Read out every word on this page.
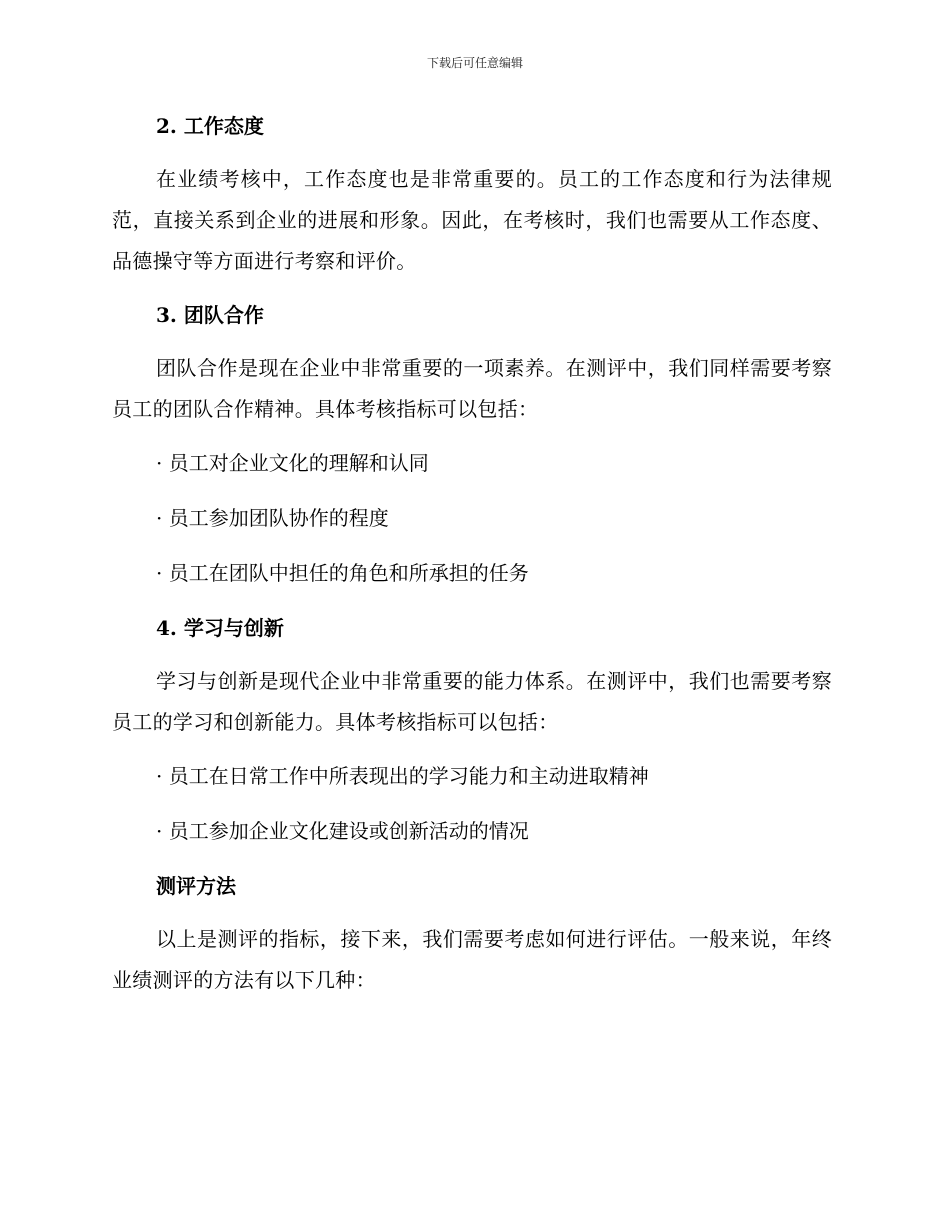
下载后可任意编辑
2. 工作态度

在业绩考核中，工作态度也是非常重要的。员工的工作态度和行为法律规范，直接关系到企业的进展和形象。因此，在考核时，我们也需要从工作态度、品德操守等方面进行考察和评价。

3. 团队合作

团队合作是现在企业中非常重要的一项素养。在测评中，我们同样需要考察员工的团队合作精神。具体考核指标可以包括：

· 员工对企业文化的理解和认同

· 员工参加团队协作的程度

· 员工在团队中担任的角色和所承担的任务

4. 学习与创新

学习与创新是现代企业中非常重要的能力体系。在测评中，我们也需要考察员工的学习和创新能力。具体考核指标可以包括：

· 员工在日常工作中所表现出的学习能力和主动进取精神

· 员工参加企业文化建设或创新活动的情况

测评方法

以上是测评的指标，接下来，我们需要考虑如何进行评估。一般来说，年终业绩测评的方法有以下几种：
